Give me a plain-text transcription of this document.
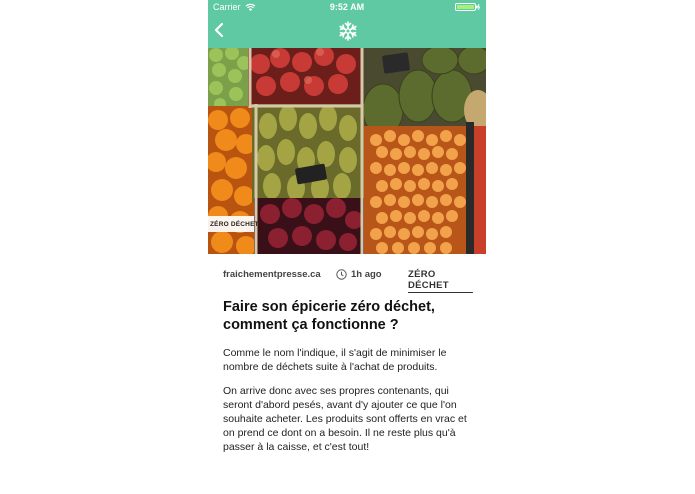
Carrier	9:52 AM
ZÉRO DÉCHET
fraichementpresse.ca	1h ago	ZÉRO DÉCHET
Faire son épicerie zéro déchet, comment ça fonctionne ?
Comme le nom l'indique, il s'agit de minimiser le nombre de déchets suite à l'achat de produits.
On arrive donc avec ses propres contenants, qui seront d'abord pesés, avant d'y ajouter ce que l'on souhaite acheter. Les produits sont offerts en vrac et on prend ce dont on a besoin. Il ne reste plus qu'à passer à la caisse, et c'est tout!
